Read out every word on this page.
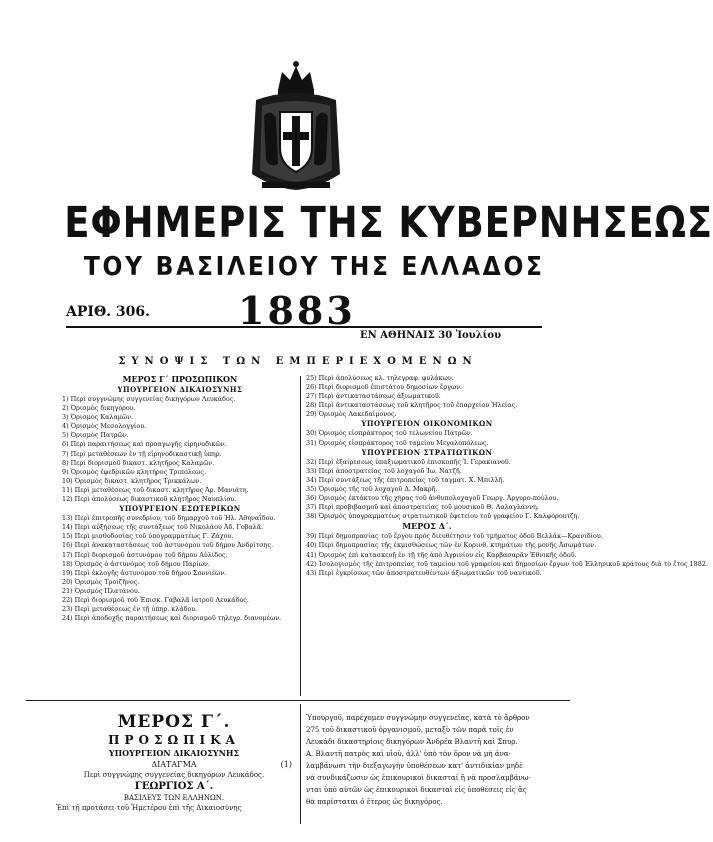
ΕΦΗΜΕΡΙΣ ΤΗΣ ΚΥΒΕΡΝΗΣΕΩΣ
ΤΟΥ ΒΑΣΙΛΕΙΟΥ ΤΗΣ ΕΛΛΑΔΟΣ
ΑΡΙΘ. 306. 1883
ΕΝ ΑΘΗΝΑΙΣ 30 Ἰουλίου
ΣΥΝΟΨΙΣ ΤΩΝ ΕΜΠΕΡΙΕΧΟΜΕΝΩΝ
ΜΕΡΟΣ Γ΄ ΠΡΟΣΩΠΙΚΟΝ
ΥΠΟΥΡΓΕΙΟΝ ΔΙΚΑΙΟΣΥΝΗΣ
1) Περὶ συγγνώμης συγγενείας δικηγόρων Λευκάδος.
2) Ὁρισμὸς δικηγόρου.
3) Ὁρισμὸς Καλαμῶν.
4) Ὁρισμὸς Μεσολογγίου.
5) Ὁρισμὸς Πατρῶν.
6) Περὶ παραιτήσεως καὶ προαγωγῆς εἰρηνοδικῶν.
7) Περὶ μεταθέσεων ἐν τῇ εἰρηνοδικαστικῇ ὑπηρ.
8) Περὶ διορισμοῦ δικαστ. κλητῆρος Καλαμῶν.
9) Ὁρισμὸς ἐφεδρικῶν κλητήρος Τριπόλεως.
10) Ὁρισμὸς δικαστ. κλητῆρος Τρικκάλων.
11) Περὶ μεταθέσεως τοῦ δικαστ. κλητῆρος Ἀρ. Μανιάτη.
12) Περὶ ἀπολύσεως δικαστικοῦ κλητῆρος Ναυπλίου.
ΥΠΟΥΡΓΕΙΟΝ ΕΣΩΤΕΡΙΚΩΝ
13) Περὶ ἐπιτροπῆς συνεδρίου, τοῦ δημαρχοῦ τοῦ Ἠλ. Ἀθηναΐδου.
14) Περὶ αὐξήσεως τῆς συντάξεως τοῦ Νικολάου Ἀδ. Γοβαλᾶ.
15) Περὶ μισθοδοσίας τοῦ ὑπογραμματέως Γ. Ζάχου.
16) Περὶ ἀνακαταστάσεως τοῦ ἀστυνόμου τοῦ δήμου Ἀνδρίτσης.
17) Περὶ διορισμοῦ ἀστυνόμου τοῦ δήμου Αὐλίδος.
18) Ὁρισμὸς ὁ ἀστυνόμος τοῦ δήμου Παρίων.
19) Περὶ ἐκλογῆς ἀστυνόμου τοῦ δήμου Σουνιέων.
20) Ὁρισμὸς Τροιζῆνος.
21) Ὁρισμὸς Πλατάνου.
22) Περὶ διορισμοῦ τοῦ Ἐπισκ. Γαβαλᾶ ἰατροῦ Λευκάδος.
23) Περὶ μεταθέσεως ἐν τῇ ὑπηρ. κλάδου.
24) Περὶ ἀποδοχῆς παραιτήσεως καὶ διορισμοῦ τηλεγρ. διανομέων.
25) Περὶ ἀπολύσεως κλ. τηλεγραφ. φυλάκων.
26) Περὶ διορισμοῦ ἐπιστάτου δημοσίων ἔργων.
27) Περὶ ἀντικαταστάσεως ἀξιωματικοῦ.
28) Περὶ ἀντικαταστάσεως τοῦ κλητῆρος τοῦ ἐπαρχείου Ἠλείας.
29) Ὁρισμὸς Λακεδαίμονος.
ΥΠΟΥΡΓΕΙΟΝ ΟΙΚΟΝΟΜΙΚΩΝ
30) Ὁρισμὸς εἰσπράκτορος τοῦ τελωνείου Πατρῶν.
31) Ὁρισμὸς εἰσπράκτορος τοῦ ταμείου Μεγαλοπόλεως.
ΥΠΟΥΡΓΕΙΟΝ ΣΤΡΑΤΙΩΤΙΚΩΝ
32) Περὶ ἐξαίρεσεως ὑπαξιωματικοῦ ἐπισκοπῆς Ἰ. Γερακιανοῦ.
33) Περὶ ἀποστρατείας τοῦ λοχαγοῦ Ἰω. Νατζῆ.
34) Περὶ συντάξεως τῆς ἐπιτροπείας τοῦ ταγματ. Χ. Μπιλλῆ.
35) Ὁρισμὸς τῆς τοῦ λοχαγοῦ Δ. Μακρῆ.
36) Ὁρισμὸς ἐκτάκτου τῆς χήρας τοῦ ἀνθυπολοχαγοῦ Γεωργ. Ἀργυρο-πούλου.
37) Περὶ προβιβασμοῦ καὶ ἀποστρατείας τοῦ μουσικοῦ Θ. Λαλαγλάννη.
38) Ὁρισμὸς ὑπογραμματέως στρατιωτικοῦ ἐφετείου τοῦ γραφείου Γ. Καλφόρουτζη.
ΜΕΡΟΣ Δ΄.
39) Περὶ δημοπρασίας τοῦ ἔργου πρὸς διευθέτησιν τοῦ τμήματος ὁδοῦ Βελλάκ—Κρανιδίου.
40) Περὶ δημοπρασίας τῆς ἐκμισθώσεως τῶν ἐν Κορινθ. κτημάτων τῆς μονῆς Ἀσωμάτων.
41) Ὁρισμὸς ἐπὶ κατασκευῇ ἐν τῇ τῆς ἀπὸ Ἀγρινίου εἰς Καρβασαρᾶν Ἐθνικῆς ὁδοῦ.
42) Ἰσολογισμὸς τῆς ἐπιτροπείας τοῦ ταμείου τοῦ γραφείου καὶ δημοσίων ἔργων τοῦ Ἑλληνικοῦ κράτους διὰ τὸ ἔτος 1882.
43) Περὶ ἐγκρίσεως τῶν ἀποστρατευθέντων ἀξιωματικῶν τοῦ ναυτικοῦ.
ΜΕΡΟΣ Γ΄.
ΠΡΟΣΩΠΙΚΑ
ΥΠΟΥΡΓΕΙΟΝ ΔΙΚΑΙΟΣΥΝΗΣ
ΔΙΑΤΑΓΜΑ	(1)
Περὶ συγγνώμης συγγενείας δικηγόρων Λευκάδος.
ΓΕΩΡΓΙΟΣ Α΄.
ΒΑΣΙΛΕΥΣ ΤΩΝ ΕΛΛΗΝΩΝ.
Ἐπὶ τῇ προτάσει τοῦ Ἡμετέρου ἐπὶ τῆς Δικαιοσύνης
Ὑπουργοῦ, παρέχομεν συγγνώμην συγγενείας, κατὰ τὸ ἄρθρον
275 τοῦ δικαστικοῦ ὀργανισμοῦ, μεταξὺ τῶν παρὰ τοῖς ἐν
Λευκάδι δικαστηρίοις δικηγόρων Ἀνδρέα Βλαντῆ καὶ Σπυρ.
Α. Βλαντῆ πατρὸς καὶ υἱοῦ, ἀλλ' ὑπὸ τὸν ὅρον νὰ μὴ ἀνα-
λαμβάνωσι τὴν διεξαγωγὴν ὑποθέσεων κατ' ἀντιδικίαν μηδὲ
νὰ συνδικάζωσιν ὡς ἐπικουρικοὶ δικασταί ἢ νὰ προσλαμβάνω-
νται ὑπὸ αὐτῶν ὡς ἐπικουρικοὶ δικασταὶ εἰς ὑποθέσεις εἰς ἃς
θὰ παρίσταται ὁ ἕτερος ὡς δικηγόρος.
